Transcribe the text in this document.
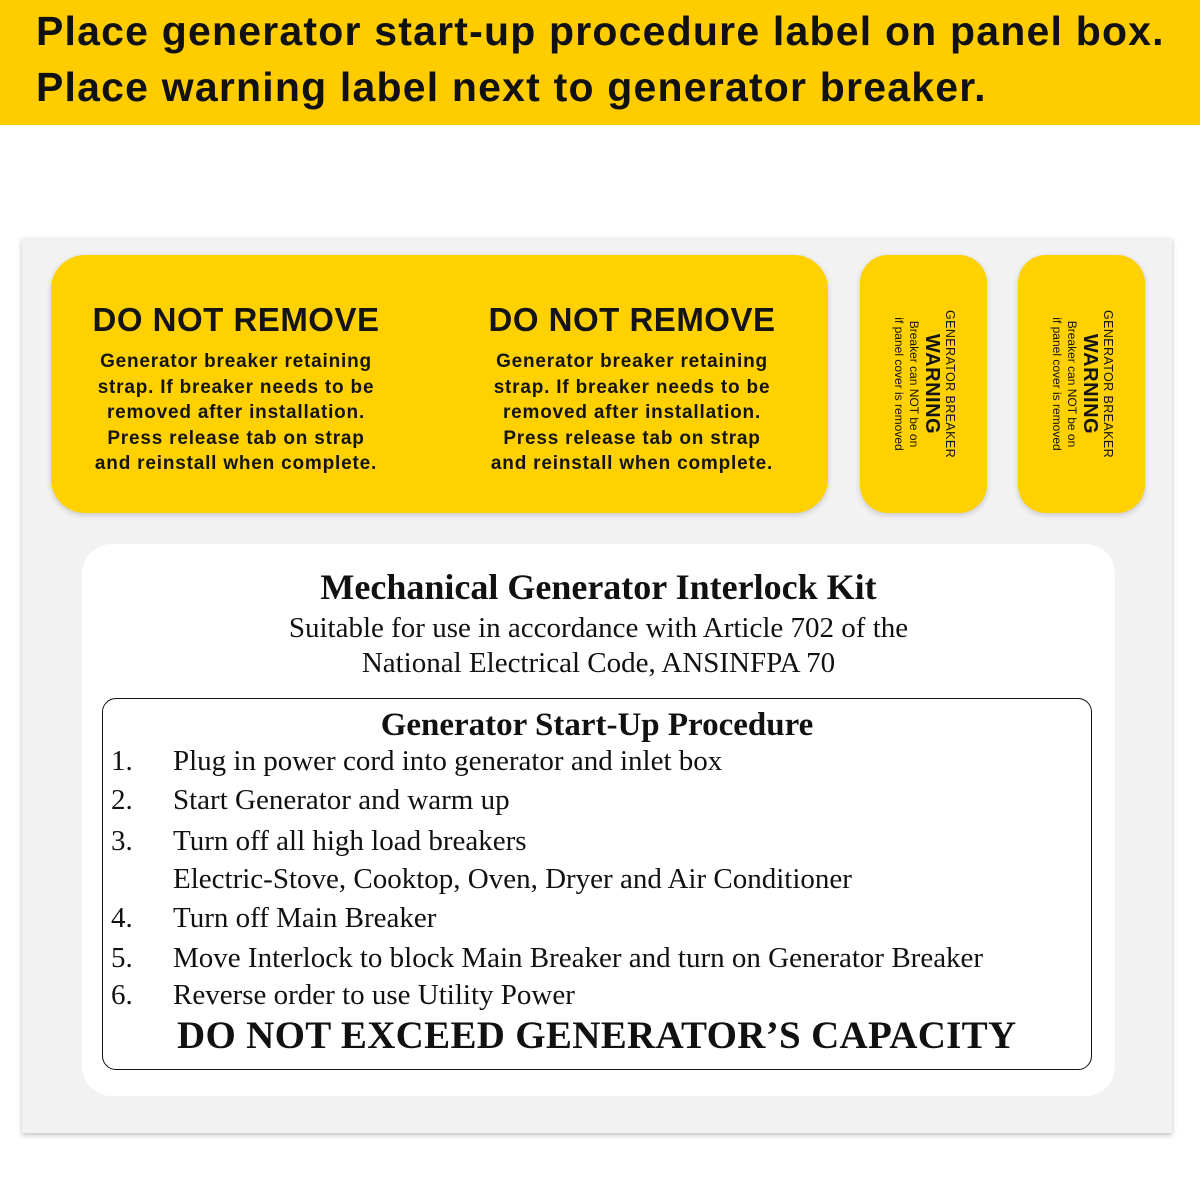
Place generator start-up procedure label on panel box.
Place warning label next to generator breaker.
DO NOT REMOVE
Generator breaker retaining
strap. If breaker needs to be
removed after installation.
Press release tab on strap
and reinstall when complete.
DO NOT REMOVE
Generator breaker retaining
strap. If breaker needs to be
removed after installation.
Press release tab on strap
and reinstall when complete.
GENERATOR BREAKER
WARNING
Breaker can NOT be on
if panel cover is removed	GENERATOR BREAKER
WARNING
Breaker can NOT be on
if panel cover is removed
Mechanical Generator Interlock Kit
Suitable for use in accordance with Article 702 of the
National Electrical Code, ANSINFPA 70
Generator Start-Up Procedure
1. Plug in power cord into generator and inlet box
2. Start Generator and warm up
3. Turn off all high load breakers
Electric-Stove, Cooktop, Oven, Dryer and Air Conditioner
4. Turn off Main Breaker
5. Move Interlock to block Main Breaker and turn on Generator Breaker
6. Reverse order to use Utility Power
DO NOT EXCEED GENERATOR’S CAPACITY
